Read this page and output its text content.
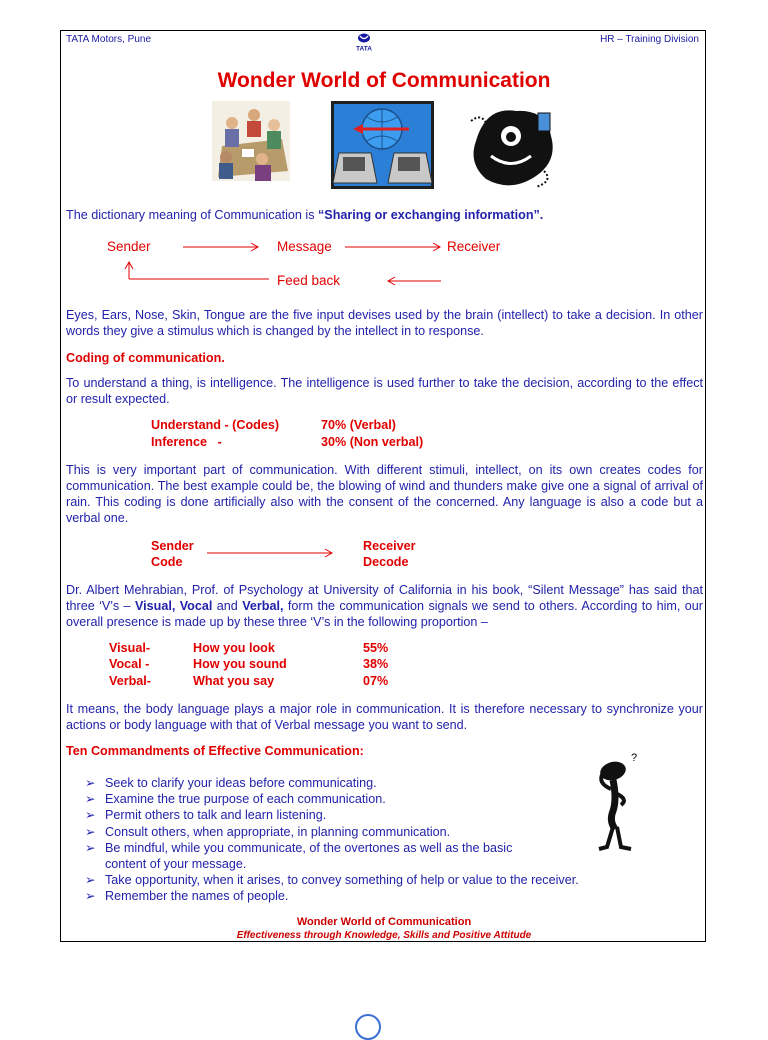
TATA Motors, Pune
TATA
HR – Training Division
Wonder World of Communication
The dictionary meaning of Communication is “Sharing or exchanging information”.
Sender	Message	Receiver
Feed back
Eyes, Ears, Nose, Skin, Tongue are the five input devises used by the brain (intellect) to take a decision. In other words they give a stimulus which is changed by the intellect in to response.
Coding of communication.
To understand a thing, is intelligence. The intelligence is used further to take the decision, according to the effect or result expected.
Understand - (Codes)	70% (Verbal)
Inference   -	30% (Non verbal)
This is very important part of communication. With different stimuli, intellect, on its own creates codes for communication. The best example could be, the blowing of wind and thunders make give one a signal of arrival of rain. This coding is done artificially also with the consent of the concerned. Any language is also a code but a verbal one.
Sender
Code
Receiver
Decode
Dr. Albert Mehrabian, Prof. of Psychology at University of California in his book, “Silent Message” has said that three ‘V’s – Visual, Vocal and Verbal, form the communication signals we send to others. According to him, our overall presence is made up by these three ‘V’s in the following proportion –
Visual-	How you look	55%
Vocal -	How you sound	38%
Verbal-	What you say	07%
It means, the body language plays a major role in communication. It is therefore necessary to synchronize your actions or body language with that of Verbal message you want to send.
Ten Commandments of Effective Communication:
➢ Seek to clarify your ideas before communicating.
➢ Examine the true purpose of each communication.
➢ Permit others to talk and learn listening.
➢ Consult others, when appropriate, in planning communication.
➢ Be mindful, while you communicate, of the overtones as well as the basic content of your message.
➢ Take opportunity, when it arises, to convey something of help or value to the receiver.
➢ Remember the names of people.
?
Wonder World of Communication
Effectiveness through Knowledge, Skills and Positive Attitude
